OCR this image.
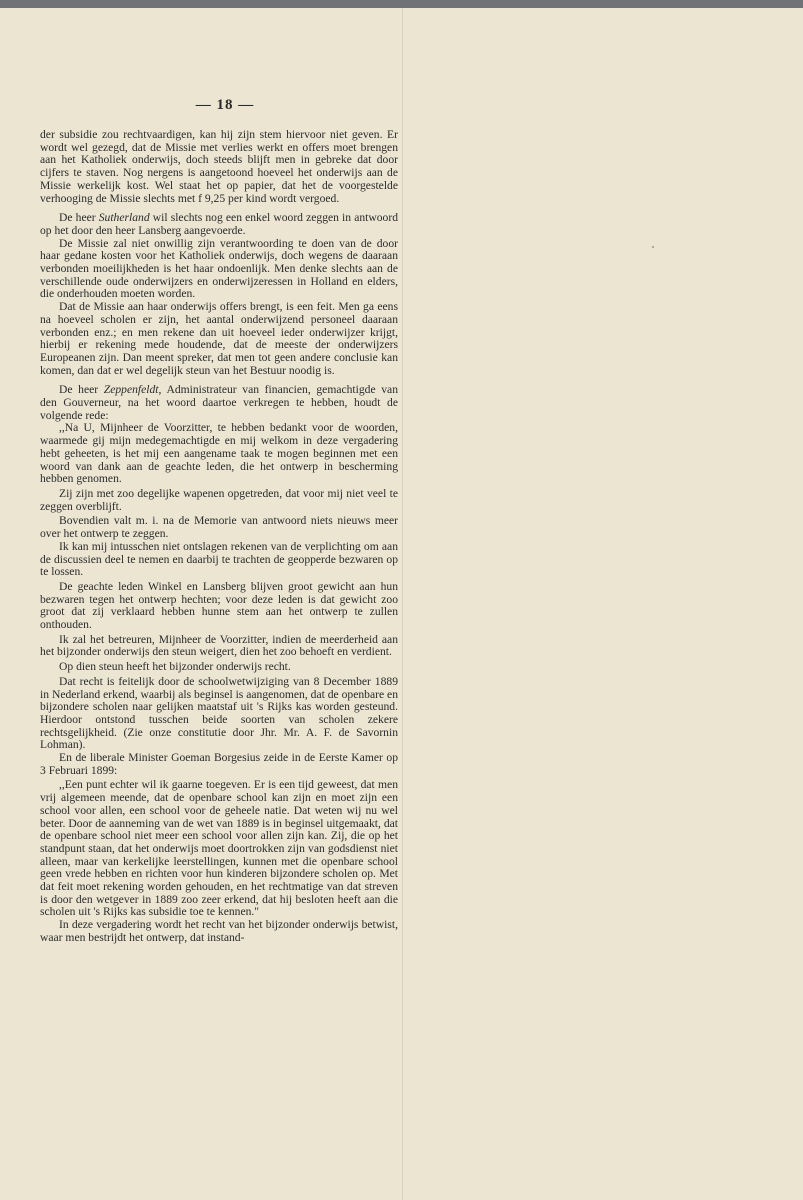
— 18 —

der subsidie zou rechtvaardigen, kan hij zijn stem hiervoor niet geven. Er wordt wel gezegd, dat de Missie met verlies werkt en offers moet brengen aan het Katholiek onderwijs, doch steeds blijft men in gebreke dat door cijfers te staven. Nog nergens is aangetoond hoeveel het onderwijs aan de Missie werkelijk kost. Wel staat het op papier, dat het de voorgestelde verhooging de Missie slechts met f 9,25 per kind wordt vergoed.

De heer Sutherland wil slechts nog een enkel woord zeggen in antwoord op het door den heer Lansberg aangevoerde.

De Missie zal niet onwillig zijn verantwoording te doen van de door haar gedane kosten voor het Katholiek onderwijs, doch wegens de daaraan verbonden moeilijkheden is het haar ondoenlijk. Men denke slechts aan de verschillende oude onderwijzers en onderwijzeressen in Holland en elders, die onderhouden moeten worden.

Dat de Missie aan haar onderwijs offers brengt, is een feit. Men ga eens na hoeveel scholen er zijn, het aantal onderwijzend personeel daaraan verbonden enz.; en men rekene dan uit hoeveel ieder onderwijzer krijgt, hierbij er rekening mede houdende, dat de meeste der onderwijzers Europeanen zijn. Dan meent spreker, dat men tot geen andere conclusie kan komen, dan dat er wel degelijk steun van het Bestuur noodig is.

De heer Zeppenfeldt, Administrateur van financien, gemachtigde van den Gouverneur, na het woord daartoe verkregen te hebben, houdt de volgende rede:

,,Na U, Mijnheer de Voorzitter, te hebben bedankt voor de woorden, waarmede gij mijn medegemachtigde en mij welkom in deze vergadering hebt geheeten, is het mij een aangename taak te mogen beginnen met een woord van dank aan de geachte leden, die het ontwerp in bescherming hebben genomen.

Zij zijn met zoo degelijke wapenen opgetreden, dat voor mij niet veel te zeggen overblijft.

Bovendien valt m. i. na de Memorie van antwoord niets nieuws meer over het ontwerp te zeggen.

Ik kan mij intusschen niet ontslagen rekenen van de verplichting om aan de discussien deel te nemen en daarbij te trachten de geopperde bezwaren op te lossen.

De geachte leden Winkel en Lansberg blijven groot gewicht aan hun bezwaren tegen het ontwerp hechten; voor deze leden is dat gewicht zoo groot dat zij verklaard hebben hunne stem aan het ontwerp te zullen onthouden.

Ik zal het betreuren, Mijnheer de Voorzitter, indien de meerderheid aan het bijzonder onderwijs den steun weigert, dien het zoo behoeft en verdient.

Op dien steun heeft het bijzonder onderwijs recht.

Dat recht is feitelijk door de schoolwetwijziging van 8 December 1889 in Nederland erkend, waarbij als beginsel is aangenomen, dat de openbare en bijzondere scholen naar gelijken maatstaf uit 's Rijks kas worden gesteund. Hierdoor ontstond tusschen beide soorten van scholen zekere rechtsgelijkheid. (Zie onze constitutie door Jhr. Mr. A. F. de Savornin Lohman).

En de liberale Minister Goeman Borgesius zeide in de Eerste Kamer op 3 Februari 1899:

,,Een punt echter wil ik gaarne toegeven. Er is een tijd geweest, dat men vrij algemeen meende, dat de openbare school kan zijn en moet zijn een school voor allen, een school voor de geheele natie. Dat weten wij nu wel beter. Door de aanneming van de wet van 1889 is in beginsel uitgemaakt, dat de openbare school niet meer een school voor allen zijn kan. Zij, die op het standpunt staan, dat het onderwijs moet doortrokken zijn van godsdienst niet alleen, maar van kerkelijke leerstellingen, kunnen met die openbare school geen vrede hebben en richten voor hun kinderen bijzondere scholen op. Met dat feit moet rekening worden gehouden, en het rechtmatige van dat streven is door den wetgever in 1889 zoo zeer erkend, dat hij besloten heeft aan die scholen uit 's Rijks kas subsidie toe te kennen."

In deze vergadering wordt het recht van het bijzonder onderwijs betwist, waar men bestrijdt het ontwerp, dat instand-
